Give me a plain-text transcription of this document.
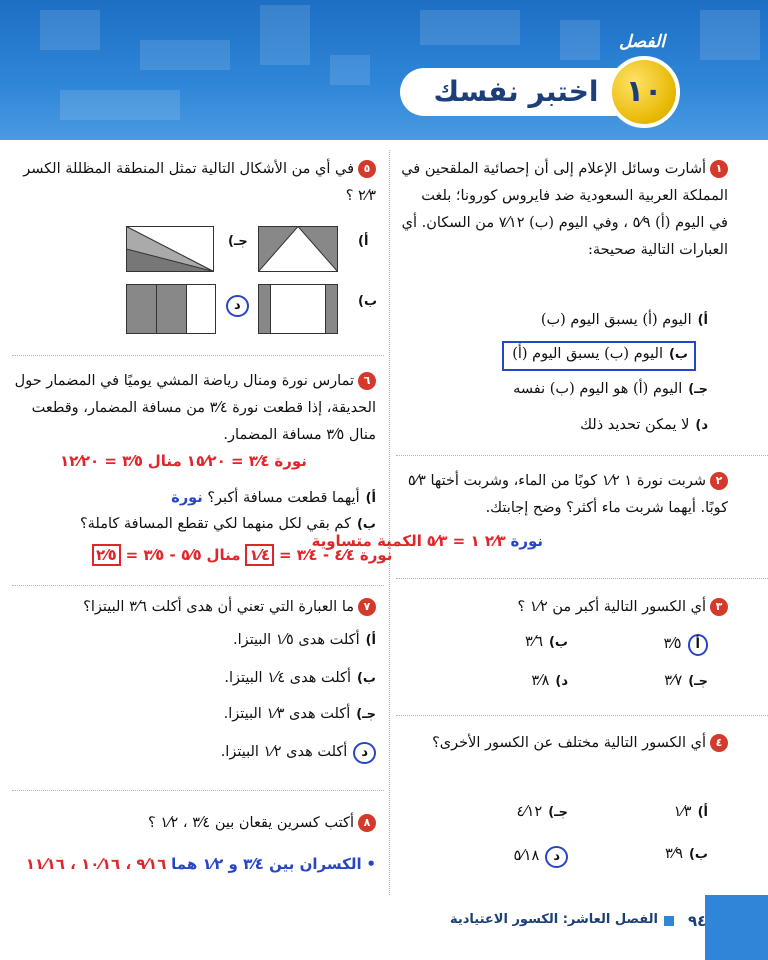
اختبر نفسك ١٠
الفصل
١أشارت وسائل الإعلام إلى أن إحصائية الملقحين في المملكة العربية السعودية ضد فايروس كورونا؛ بلغت في اليوم (أ) ٥⁄٩ ، وفي اليوم (ب) ٧⁄١٢ من السكان. أي العبارات التالية صحيحة:
أ)اليوم (أ) يسبق اليوم (ب)
ب)اليوم (ب) يسبق اليوم (أ)
جـ)اليوم (أ) هو اليوم (ب) نفسه
د)لا يمكن تحديد ذلك
٢شربت نورة ١ ١⁄٢ كوبًا من الماء، وشربت أختها ٥⁄٣ كوبًا. أيهما شربت ماء أكثر؟ وضح إجابتك.
نورة ٢⁄٣ ١ = ٥⁄٣ الكمية متساوية
٣أي الكسور التالية أكبر من ١⁄٢ ؟
أ٣⁄٥
ب)٣⁄٦
جـ)٣⁄٧
د)٣⁄٨
٤أي الكسور التالية مختلف عن الكسور الأخرى؟
أ)١⁄٣
جـ)٤⁄١٢
ب)٣⁄٩
د٥⁄١٨
٥في أي من الأشكال التالية تمثل المنطقة المظللة الكسر ٢⁄٣ ؟
أ)
جـ)
ب)
د
٦تمارس نورة ومنال رياضة المشي يوميًا في المضمار حول الحديقة، إذا قطعت نورة ٣⁄٤ من مسافة المضمار، وقطعت منال ٣⁄٥ مسافة المضمار.
نورة ٣⁄٤ = ١٥⁄٢٠ منال ٣⁄٥ = ١٢⁄٢٠
أ)أيهما قطعت مسافة أكبر؟ نورة
ب)كم بقي لكل منهما لكي تقطع المسافة كاملة؟
نورة ٤⁄٤ - ٣⁄٤ = ١⁄٤ منال ٥⁄٥ - ٣⁄٥ = ٢⁄٥
٧ما العبارة التي تعني أن هدى أكلت ٣⁄٦ البيتزا؟
أ)أكلت هدى ١⁄٥ البيتزا.
ب)أكلت هدى ١⁄٤ البيتزا.
جـ)أكلت هدى ١⁄٣ البيتزا.
دأكلت هدى ١⁄٢ البيتزا.
٨أكتب كسرين يقعان بين ٣⁄٤ ، ١⁄٢ ؟
• الكسران بين ٣⁄٤ و ١⁄٢ هما ٩⁄١٦ ، ١٠⁄١٦ ، ١١⁄١٦
٩٤
الفصل العاشر: الكسور الاعتيادية
